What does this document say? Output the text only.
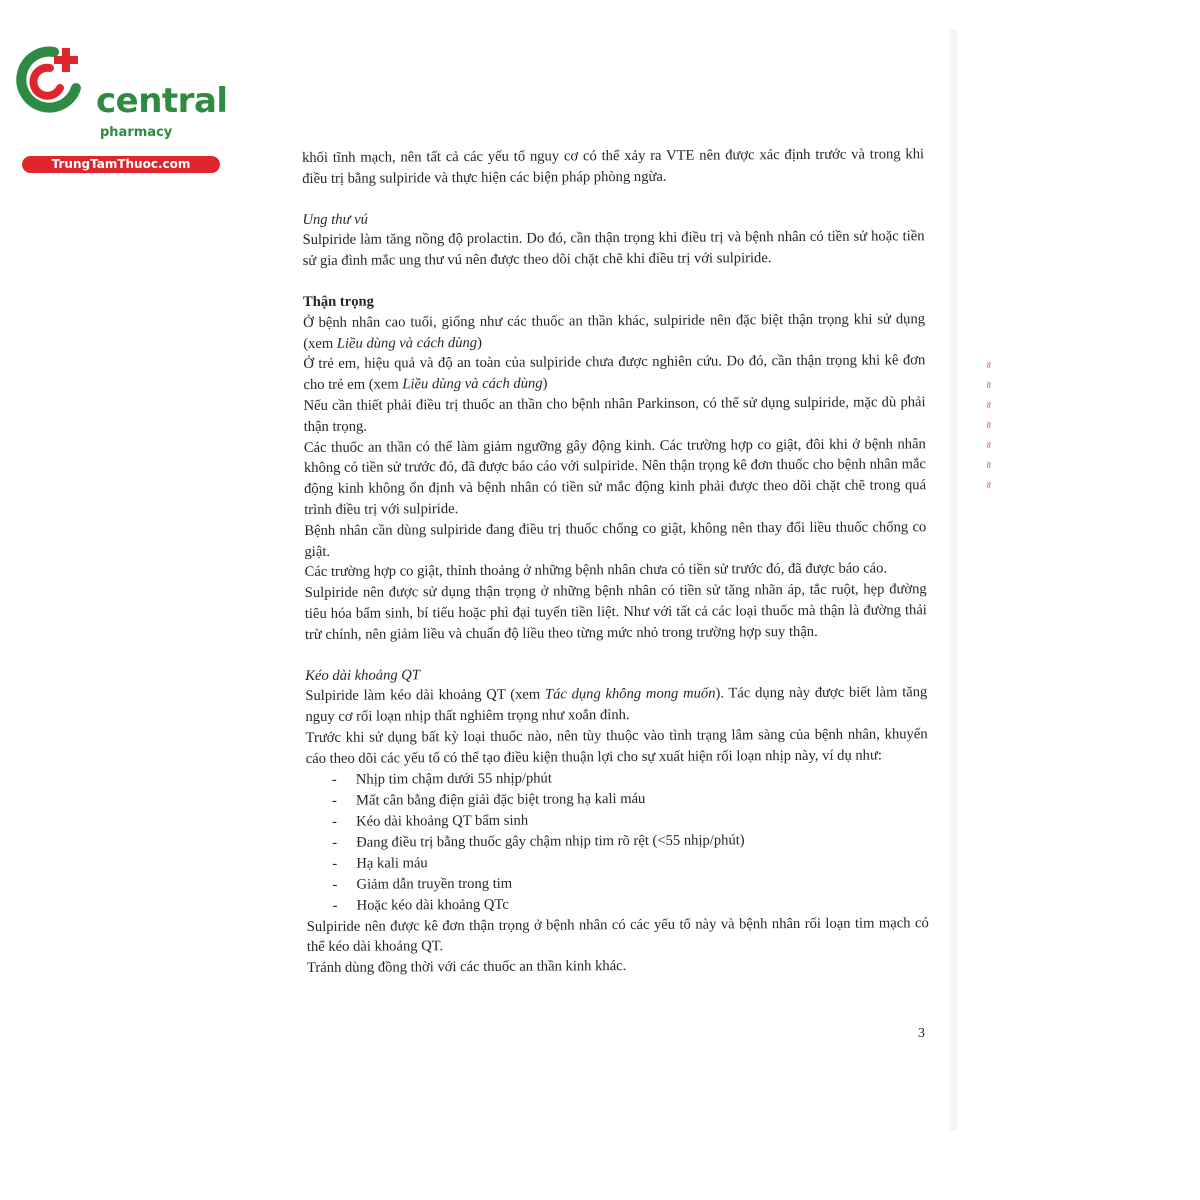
central

pharmacy

TrungTamThuoc.com	khối tĩnh mạch, nên tất cả các yếu tố nguy cơ có thể xảy ra VTE nên được xác định trước và trong khi điều trị bằng sulpiride và thực hiện các biện pháp phòng ngừa.

Ung thư vú

Sulpiride làm tăng nồng độ prolactin. Do đó, cần thận trọng khi điều trị và bệnh nhân có tiền sử hoặc tiền sử gia đình mắc ung thư vú nên được theo dõi chặt chẽ khi điều trị với sulpiride.

Thận trọng

Ở bệnh nhân cao tuổi, giống như các thuốc an thần khác, sulpiride nên đặc biệt thận trọng khi sử dụng (xem Liều dùng và cách dùng)

Ở trẻ em, hiệu quả và độ an toàn của sulpiride chưa được nghiên cứu. Do đó, cần thận trọng khi kê đơn cho trẻ em (xem Liều dùng và cách dùng)

Nếu cần thiết phải điều trị thuốc an thần cho bệnh nhân Parkinson, có thể sử dụng sulpiride, mặc dù phải thận trọng.

Các thuốc an thần có thể làm giảm ngưỡng gây động kinh. Các trường hợp co giật, đôi khi ở bệnh nhân không có tiền sử trước đó, đã được báo cáo với sulpiride. Nên thận trọng kê đơn thuốc cho bệnh nhân mắc động kinh không ổn định và bệnh nhân có tiền sử mắc động kinh phải được theo dõi chặt chẽ trong quá trình điều trị với sulpiride.

Bệnh nhân cần dùng sulpiride đang điều trị thuốc chống co giật, không nên thay đổi liều thuốc chống co giật.

Các trường hợp co giật, thỉnh thoảng ở những bệnh nhân chưa có tiền sử trước đó, đã được báo cáo.

Sulpiride nên được sử dụng thận trọng ở những bệnh nhân có tiền sử tăng nhãn áp, tắc ruột, hẹp đường tiêu hóa bẩm sinh, bí tiểu hoặc phì đại tuyến tiền liệt. Như với tất cả các loại thuốc mà thận là đường thải trừ chính, nên giảm liều và chuẩn độ liều theo từng mức nhỏ trong trường hợp suy thận.

Kéo dài khoảng QT

Sulpiride làm kéo dài khoảng QT (xem Tác dụng không mong muốn). Tác dụng này được biết làm tăng nguy cơ rối loạn nhịp thất nghiêm trọng như xoắn đỉnh.

Trước khi sử dụng bất kỳ loại thuốc nào, nên tùy thuộc vào tình trạng lâm sàng của bệnh nhân, khuyến cáo theo dõi các yếu tố có thể tạo điều kiện thuận lợi cho sự xuất hiện rối loạn nhịp này, ví dụ như:

- Nhịp tim chậm dưới 55 nhịp/phút
- Mất cân bằng điện giải đặc biệt trong hạ kali máu
- Kéo dài khoảng QT bẩm sinh
- Đang điều trị bằng thuốc gây chậm nhịp tim rõ rệt (<55 nhịp/phút)
- Hạ kali máu
- Giảm dẫn truyền trong tim
- Hoặc kéo dài khoảng QTc

Sulpiride nên được kê đơn thận trọng ở bệnh nhân có các yếu tố này và bệnh nhân rối loạn tim mạch có thể kéo dài khoảng QT.

Tránh dùng đồng thời với các thuốc an thần kinh khác.

3
≈
≈
≈
≈
≈
≈
≈
